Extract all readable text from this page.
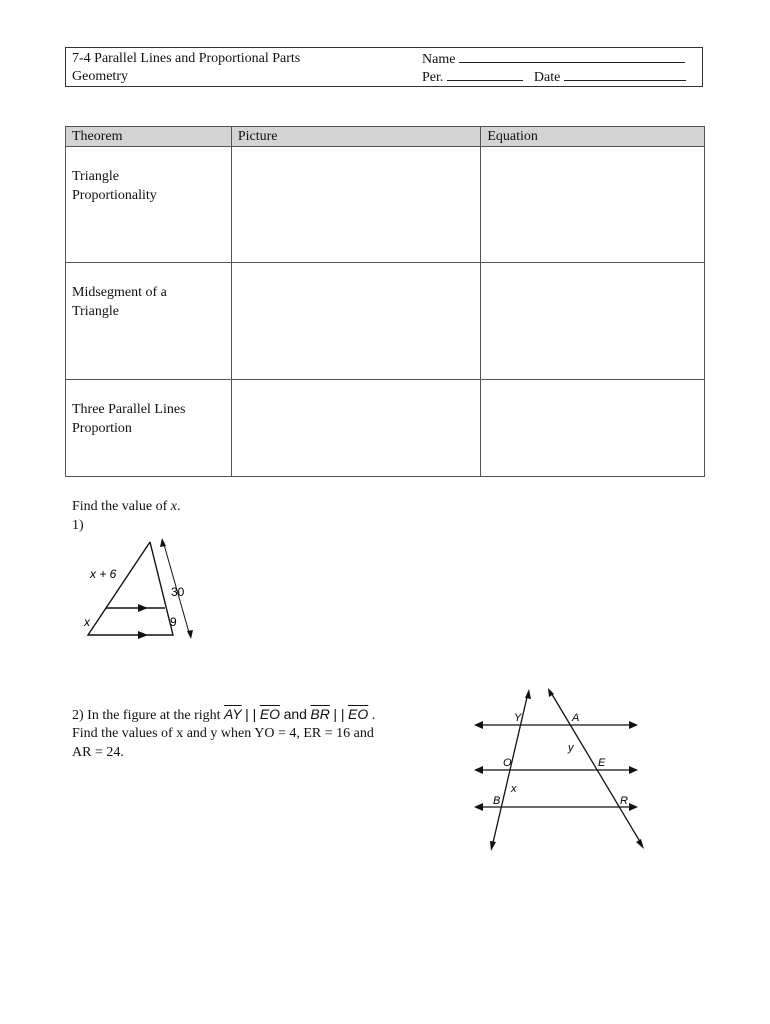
7-4 Parallel Lines and Proportional Parts
Geometry
Name
Per.	Date
Theorem	Picture	Equation

Triangle
Proportionality		

Midsegment of a
Triangle		

Three Parallel Lines
Proportion		

Find the value of x.
1)
x + 6
x
30
9
2) In the figure at the right $\overline{AY}$ | | $\overline{EO}$ and $\overline{BR}$ | | $\overline{EO}$ .
Find the values of x and y when YO = 4, ER = 16 and
AR = 24.
Y	A
y
O	E
x
B	R
